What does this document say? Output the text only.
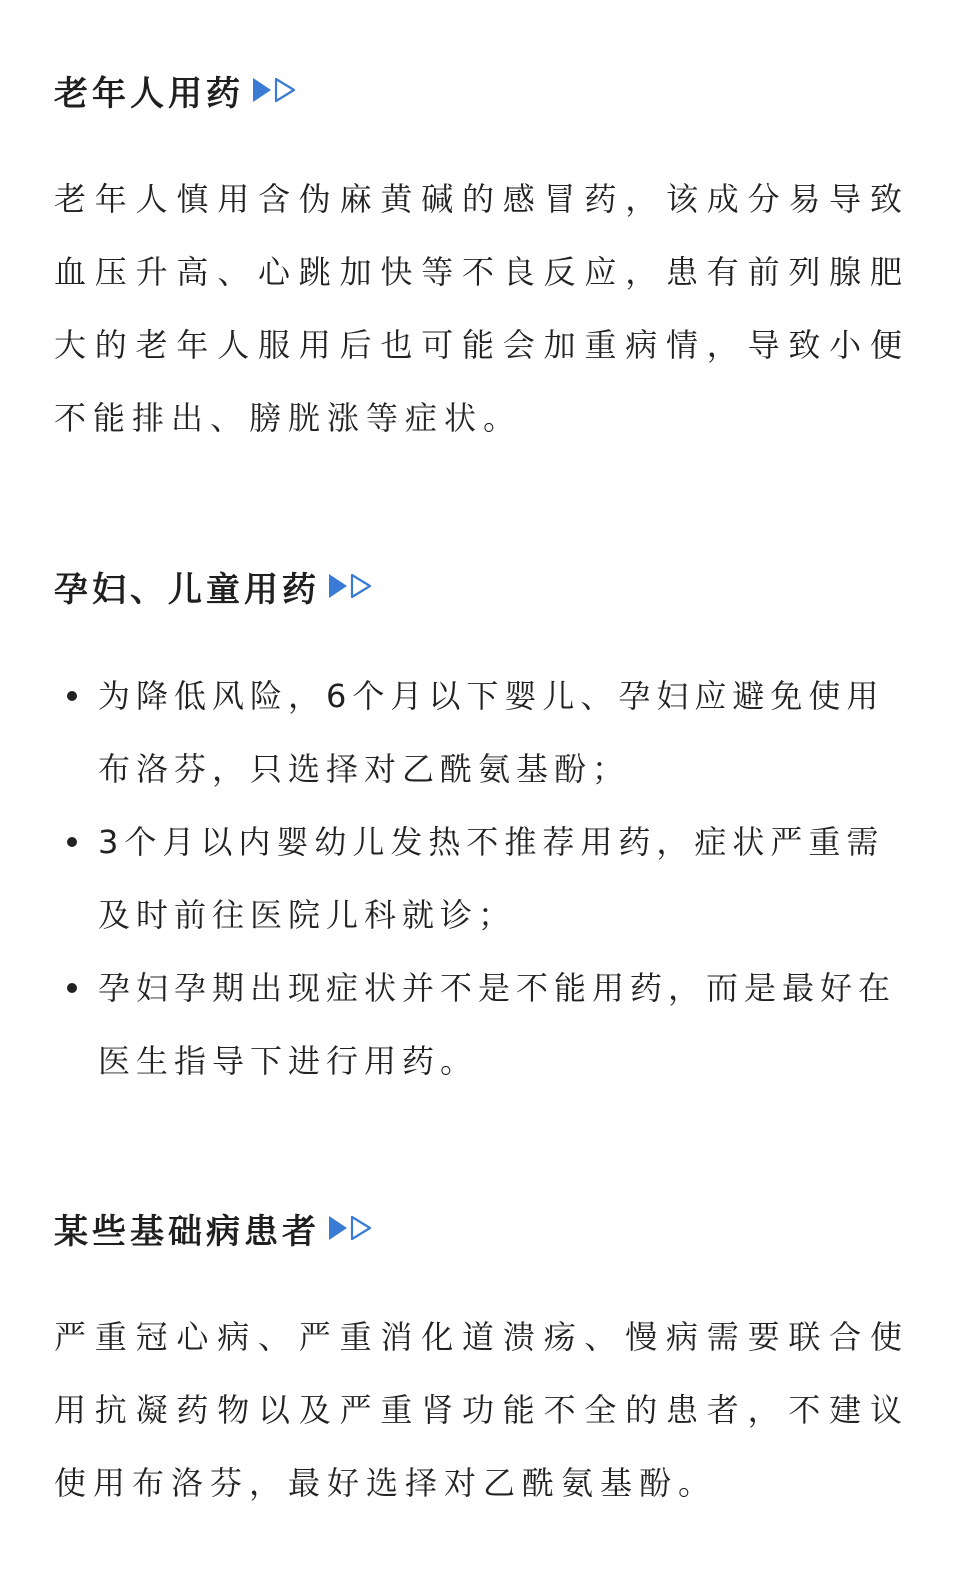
老年人用药

老年人慎用含伪麻黄碱的感冒药，该成分易导致血压升高、心跳加快等不良反应，患有前列腺肥大的老年人服用后也可能会加重病情，导致小便不能排出、膀胱涨等症状。

孕妇、儿童用药
为降低风险，6个月以下婴儿、孕妇应避免使用布洛芬，只选择对乙酰氨基酚；
3个月以内婴幼儿发热不推荐用药，症状严重需及时前往医院儿科就诊；
孕妇孕期出现症状并不是不能用药，而是最好在医生指导下进行用药。
某些基础病患者

严重冠心病、严重消化道溃疡、慢病需要联合使用抗凝药物以及严重肾功能不全的患者，不建议使用布洛芬，最好选择对乙酰氨基酚。
